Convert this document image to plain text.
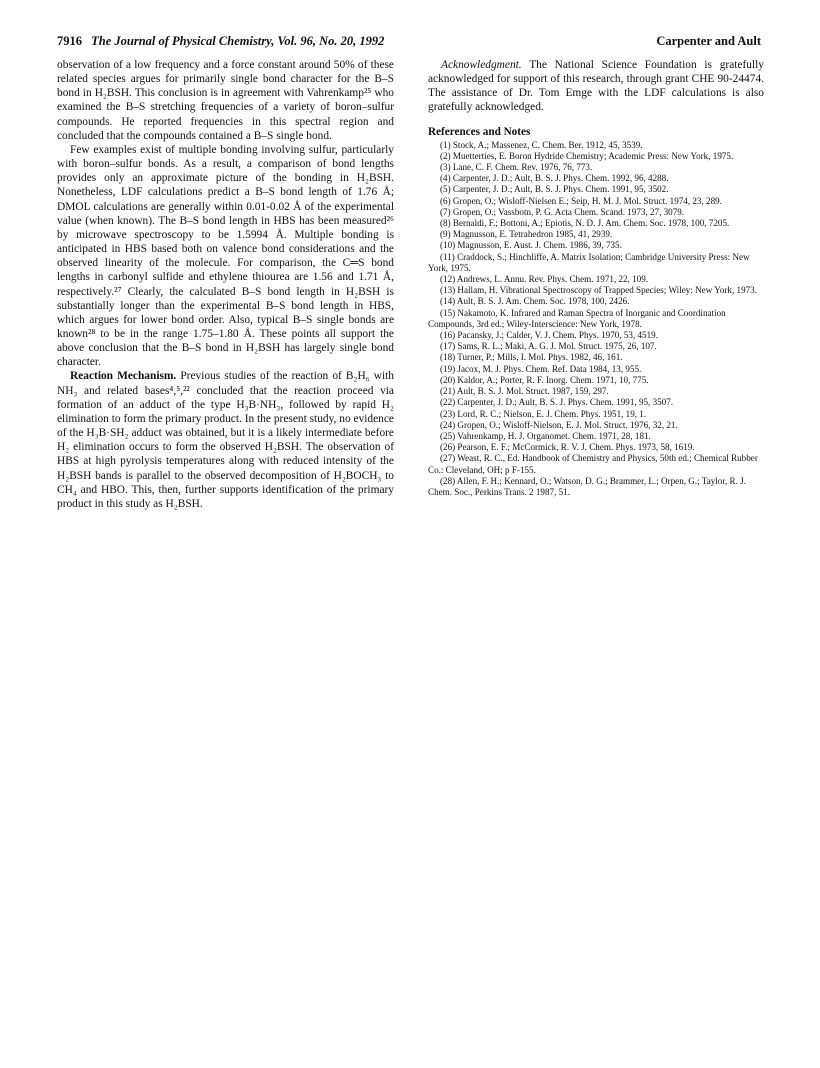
7916 The Journal of Physical Chemistry, Vol. 96, No. 20, 1992	Carpenter and Ault

observation of a low frequency and a force constant around 50% of these related species argues for primarily single bond character for the B–S bond in H₂BSH. This conclusion is in agreement with Vahrenkamp²⁵ who examined the B–S stretching frequencies of a variety of boron–sulfur compounds. He reported frequencies in this spectral region and concluded that the compounds contained a B–S single bond.

Few examples exist of multiple bonding involving sulfur, particularly with boron–sulfur bonds. As a result, a comparison of bond lengths provides only an approximate picture of the bonding in H₂BSH. Nonetheless, LDF calculations predict a B–S bond length of 1.76 Å; DMOL calculations are generally within 0.01-0.02 Å of the experimental value (when known). The B–S bond length in HBS has been measured²⁶ by microwave spectroscopy to be 1.5994 Å. Multiple bonding is anticipated in HBS based both on valence bond considerations and the observed linearity of the molecule. For comparison, the C═S bond lengths in carbonyl sulfide and ethylene thiourea are 1.56 and 1.71 Å, respectively.²⁷ Clearly, the calculated B–S bond length in H₂BSH is substantially longer than the experimental B–S bond length in HBS, which argues for lower bond order. Also, typical B–S single bonds are known²⁸ to be in the range 1.75–1.80 Å. These points all support the above conclusion that the B–S bond in H₂BSH has largely single bond character.

Reaction Mechanism. Previous studies of the reaction of B₂H₆ with NH₃ and related bases⁴,⁵,²² concluded that the reaction proceed via formation of an adduct of the type H₃B·NH₃, followed by rapid H₂ elimination to form the primary product. In the present study, no evidence of the H₃B·SH₂ adduct was obtained, but it is a likely intermediate before H₂ elimination occurs to form the observed H₂BSH. The observation of HBS at high pyrolysis temperatures along with reduced intensity of the H₂BSH bands is parallel to the observed decomposition of H₂BOCH₃ to CH₄ and HBO. This, then, further supports identification of the primary product in this study as H₂BSH.

Acknowledgment. The National Science Foundation is gratefully acknowledged for support of this research, through grant CHE 90-24474. The assistance of Dr. Tom Emge with the LDF calculations is also gratefully acknowledged.

References and Notes

(1) Stock, A.; Massenez, C. Chem. Ber. 1912, 45, 3539.

(2) Muetterties, E. Boron Hydride Chemistry; Academic Press: New York, 1975.

(3) Lane, C. F. Chem. Rev. 1976, 76, 773.

(4) Carpenter, J. D.; Ault, B. S. J. Phys. Chem. 1992, 96, 4288.

(5) Carpenter, J. D.; Ault, B. S. J. Phys. Chem. 1991, 95, 3502.

(6) Gropen, O.; Wisloff-Nielsen E.; Seip, H. M. J. Mol. Struct. 1974, 23, 289.

(7) Gropen, O.; Vassbotn, P. G. Acta Chem. Scand. 1973, 27, 3079.

(8) Bernaldi, F.; Bottoni, A.; Epiotis, N. D. J. Am. Chem. Soc. 1978, 100, 7205.

(9) Magnusson, E. Tetrahedron 1985, 41, 2939.

(10) Magnusson, E. Aust. J. Chem. 1986, 39, 735.

(11) Craddock, S.; Hinchliffe, A. Matrix Isolation; Cambridge University Press: New York, 1975.

(12) Andrews, L. Annu. Rev. Phys. Chem. 1971, 22, 109.

(13) Hallam, H. Vibrational Spectroscopy of Trapped Species; Wiley: New York, 1973.

(14) Ault, B. S. J. Am. Chem. Soc. 1978, 100, 2426.

(15) Nakamoto, K. Infrared and Raman Spectra of Inorganic and Coordination Compounds, 3rd ed.; Wiley-Interscience: New York, 1978.

(16) Pacansky, J.; Calder, V. J. Chem. Phys. 1970, 53, 4519.

(17) Sams, R. L.; Maki, A. G. J. Mol. Struct. 1975, 26, 107.

(18) Turner, P.; Mills, I. Mol. Phys. 1982, 46, 161.

(19) Jacox, M. J. Phys. Chem. Ref. Data 1984, 13, 955.

(20) Kaldor, A.; Porter, R. F. Inorg. Chem. 1971, 10, 775.

(21) Ault, B. S. J. Mol. Struct. 1987, 159, 297.

(22) Carpenter, J. D.; Ault, B. S. J. Phys. Chem. 1991, 95, 3507.

(23) Lord, R. C.; Nielson, E. J. Chem. Phys. 1951, 19, 1.

(24) Gropen, O.; Wisloff-Nielson, E. J. Mol. Struct. 1976, 32, 21.

(25) Vahrenkamp, H. J. Organomet. Chem. 1971, 28, 181.

(26) Pearson, E. F.; McCormick, R. V. J. Chem. Phys. 1973, 58, 1619.

(27) Weast, R. C., Ed. Handbook of Chemistry and Physics, 50th ed.; Chemical Rubber Co.: Cleveland, OH; p F-155.

(28) Allen, F. H.; Kennard, O.; Watson, D. G.; Brammer, L.; Orpen, G.; Taylor, R. J. Chem. Soc., Perkins Trans. 2 1987, 51.
